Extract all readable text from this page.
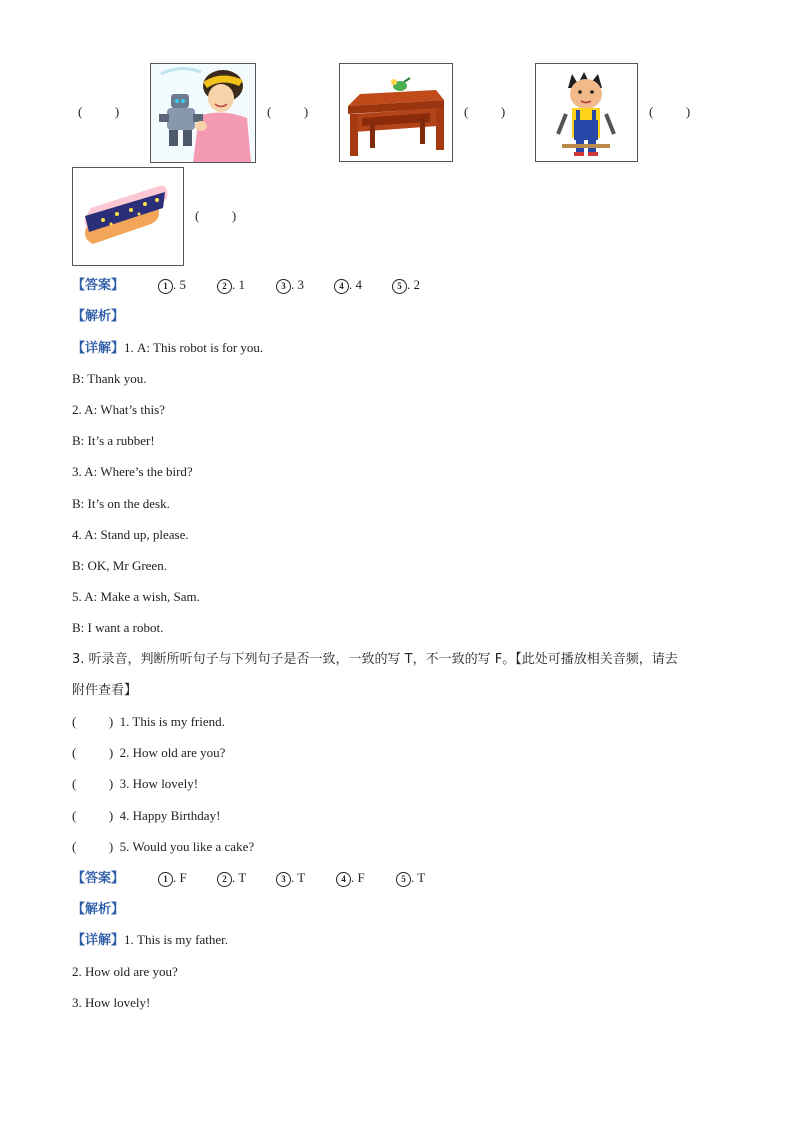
(          )	(          )	(          )	(          )
(          )
【答案】	1 . 5	2 . 1	3 . 3	4 . 4	5 . 2
【解析】
【详解】1. A: This robot is for you.
B: Thank you.
2. A: What’s this?
B: It’s a rubber!
3. A: Where’s the bird?
B: It’s on the desk.
4. A: Stand up, please.
B: OK, Mr Green.
5. A: Make a wish, Sam.
B: I want a robot.
3. 听录音，判断所听句子与下列句子是否一致，一致的写 T，不一致的写 F。【此处可播放相关音频，请去
附件查看】
(          ) 1. This is my friend.
(          ) 2. How old are you?
(          ) 3. How lovely!
(          ) 4. Happy Birthday!
(          ) 5. Would you like a cake?
【答案】	1 . F	2 . T	3 . T	4 . F	5 . T
【解析】
【详解】1. This is my father.
2. How old are you?
3. How lovely!
